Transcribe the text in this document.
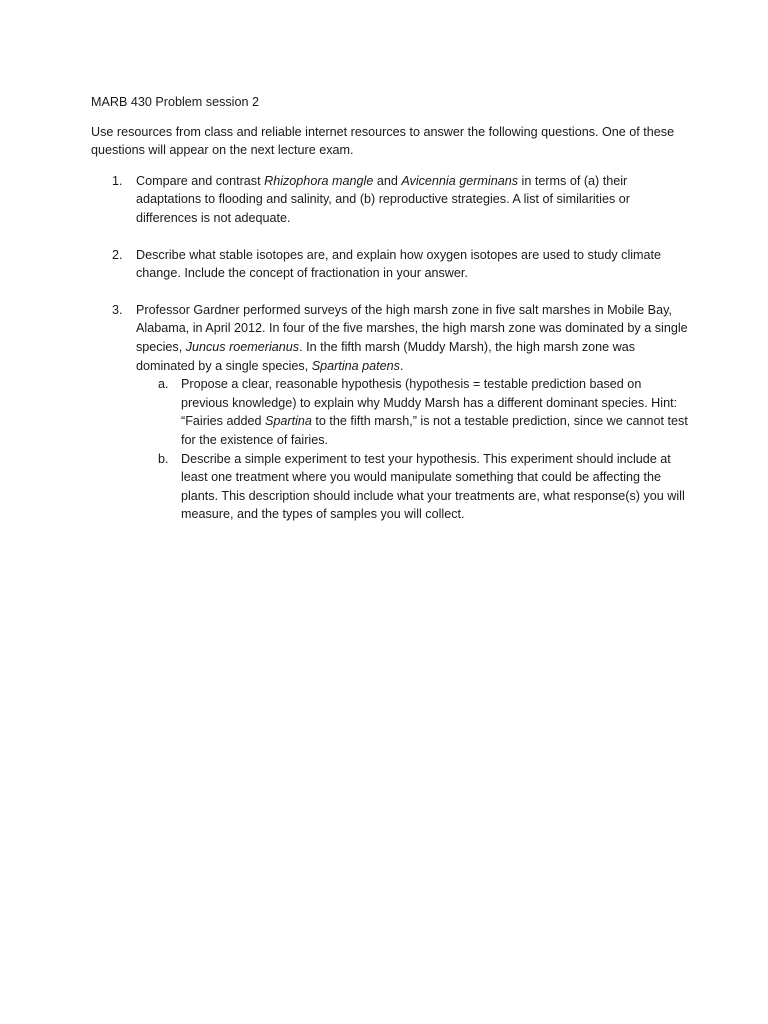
MARB 430 Problem session 2
Use resources from class and reliable internet resources to answer the following questions. One of these questions will appear on the next lecture exam.
1. Compare and contrast Rhizophora mangle and Avicennia germinans in terms of (a) their adaptations to flooding and salinity, and (b) reproductive strategies. A list of similarities or differences is not adequate.
2. Describe what stable isotopes are, and explain how oxygen isotopes are used to study climate change. Include the concept of fractionation in your answer.
3. Professor Gardner performed surveys of the high marsh zone in five salt marshes in Mobile Bay, Alabama, in April 2012. In four of the five marshes, the high marsh zone was dominated by a single species, Juncus roemerianus. In the fifth marsh (Muddy Marsh), the high marsh zone was dominated by a single species, Spartina patens.
a. Propose a clear, reasonable hypothesis (hypothesis = testable prediction based on previous knowledge) to explain why Muddy Marsh has a different dominant species. Hint: “Fairies added Spartina to the fifth marsh,” is not a testable prediction, since we cannot test for the existence of fairies.
b. Describe a simple experiment to test your hypothesis. This experiment should include at least one treatment where you would manipulate something that could be affecting the plants. This description should include what your treatments are, what response(s) you will measure, and the types of samples you will collect.
